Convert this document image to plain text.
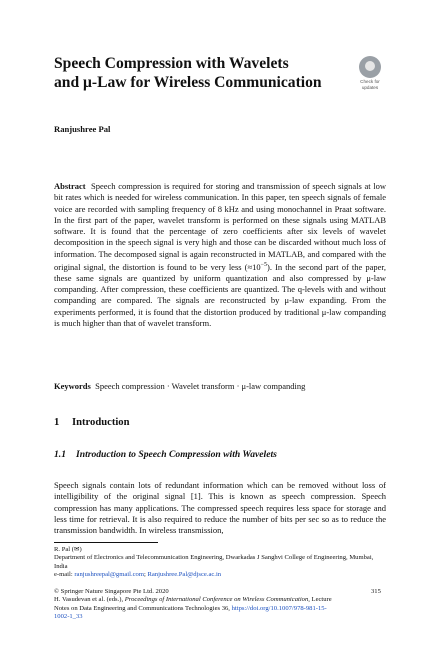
Speech Compression with Wavelets
and μ-Law for Wireless Communication	Check for
updates
Ranjushree Pal

Abstract Speech compression is required for storing and transmission of speech signals at low bit rates which is needed for wireless communication. In this paper, ten speech signals of female voice are recorded with sampling frequency of 8 kHz and using monochannel in Praat software. In the first part of the paper, wavelet transform is performed on these signals using MATLAB software. It is found that the percentage of zero coefficients after six levels of wavelet decomposition in the speech signal is very high and those can be discarded without much loss of information. The decomposed signal is again reconstructed in MATLAB, and compared with the original signal, the distortion is found to be very less $(\approx 10^{-5})$. In the second part of the paper, these same signals are quantized by uniform quantization and also compressed by μ-law companding. After compression, these coefficients are quantized. The q-levels with and without companding are compared. The signals are reconstructed by μ-law expanding. From the experiments performed, it is found that the distortion produced by traditional μ-law companding is much higher than that of wavelet transform.

Keywords Speech compression · Wavelet transform · μ-law companding

1 Introduction
1.1 Introduction to Speech Compression with Wavelets

Speech signals contain lots of redundant information which can be removed without loss of intelligibility of the original signal [1]. This is known as speech compression. Speech compression has many applications. The compressed speech requires less space for storage and less time for retrieval. It is also required to reduce the number of bits per sec so as to reduce the transmission bandwidth. In wireless transmission,

R. Pal (✉)
Department of Electronics and Telecommunication Engineering, Dwarkadas J Sanghvi College of Engineering, Mumbai, India
e-mail: ranjushreepal@gmail.com; Ranjushree.Pal@djsce.ac.in

© Springer Nature Singapore Pte Ltd. 2020
H. Vasudevan et al. (eds.), Proceedings of International Conference on Wireless Communication, Lecture Notes on Data Engineering and Communications Technologies 36, https://doi.org/10.1007/978-981-15-1002-1_33

315
